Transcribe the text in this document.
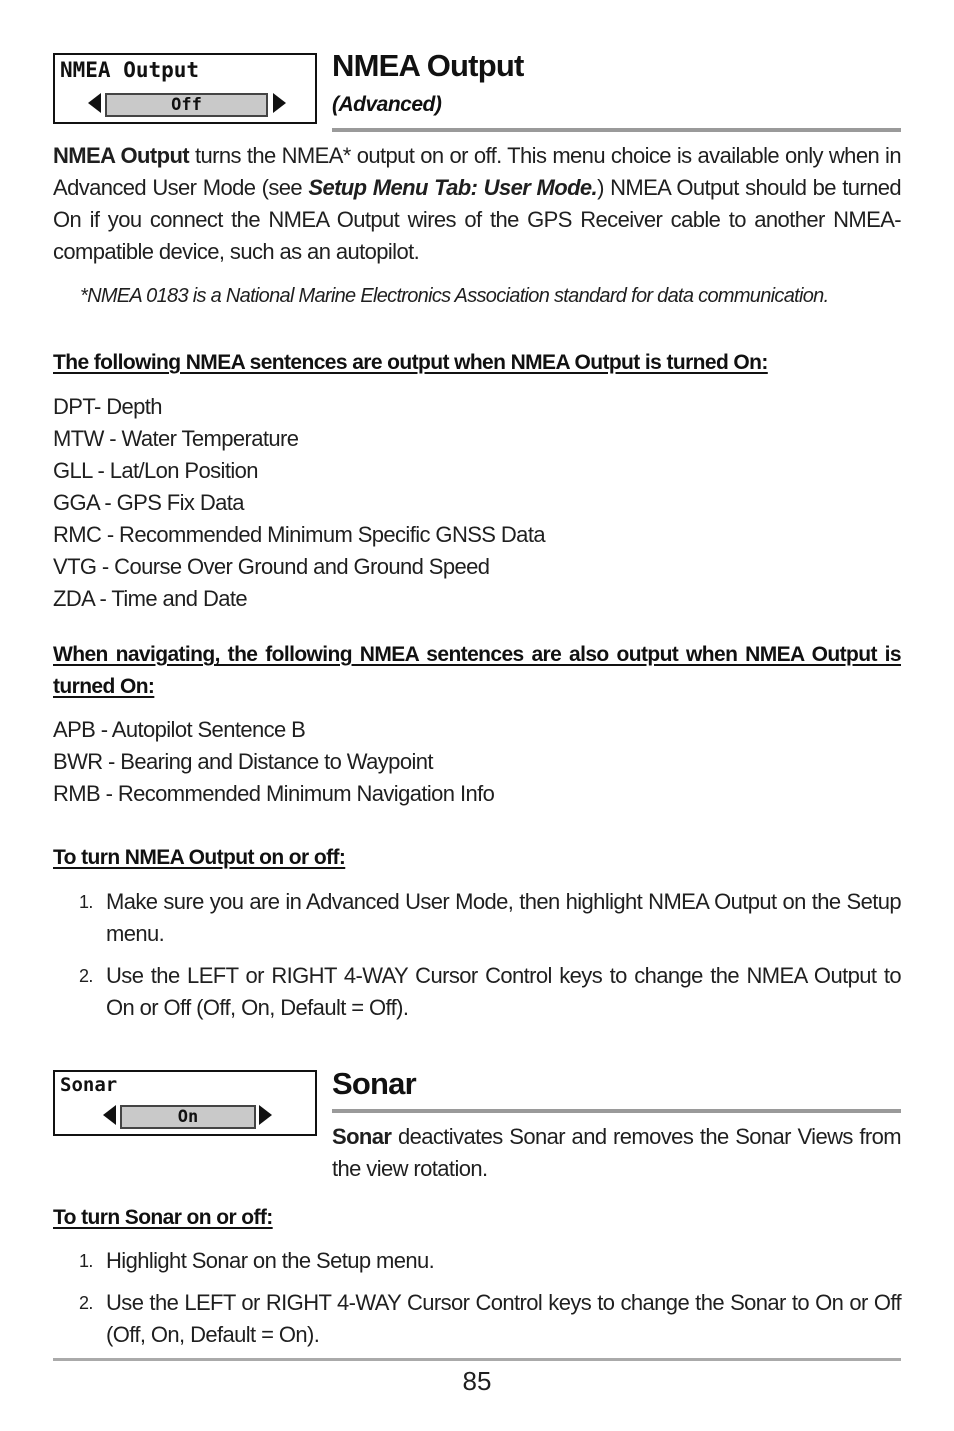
NMEA Output
Off
NMEA Output
(Advanced)
NMEA Output turns the NMEA* output on or off. This menu choice is available only when in Advanced User Mode (see Setup Menu Tab: User Mode.) NMEA Output should be turned On if you connect the NMEA Output wires of the GPS Receiver cable to another NMEA-compatible device, such as an autopilot.
*NMEA 0183 is a National Marine Electronics Association standard for data communication.
The following NMEA sentences are output when NMEA Output is turned On:
DPT- Depth
MTW - Water Temperature
GLL - Lat/Lon Position
GGA - GPS Fix Data
RMC - Recommended Minimum Specific GNSS Data
VTG - Course Over Ground and Ground Speed
ZDA - Time and Date
When navigating, the following NMEA sentences are also output when NMEA Output is turned On:
APB - Autopilot Sentence B
BWR - Bearing and Distance to Waypoint
RMB - Recommended Minimum Navigation Info
To turn NMEA Output on or off:
1. Make sure you are in Advanced User Mode, then highlight NMEA Output on the Setup menu.
2. Use the LEFT or RIGHT 4-WAY Cursor Control keys to change the NMEA Output to On or Off (Off, On, Default = Off).
Sonar
On
Sonar
Sonar deactivates Sonar and removes the Sonar Views from the view rotation.
To turn Sonar on or off:
1. Highlight Sonar on the Setup menu.
2. Use the LEFT or RIGHT 4-WAY Cursor Control keys to change the Sonar to On or Off (Off, On, Default = On).
85
